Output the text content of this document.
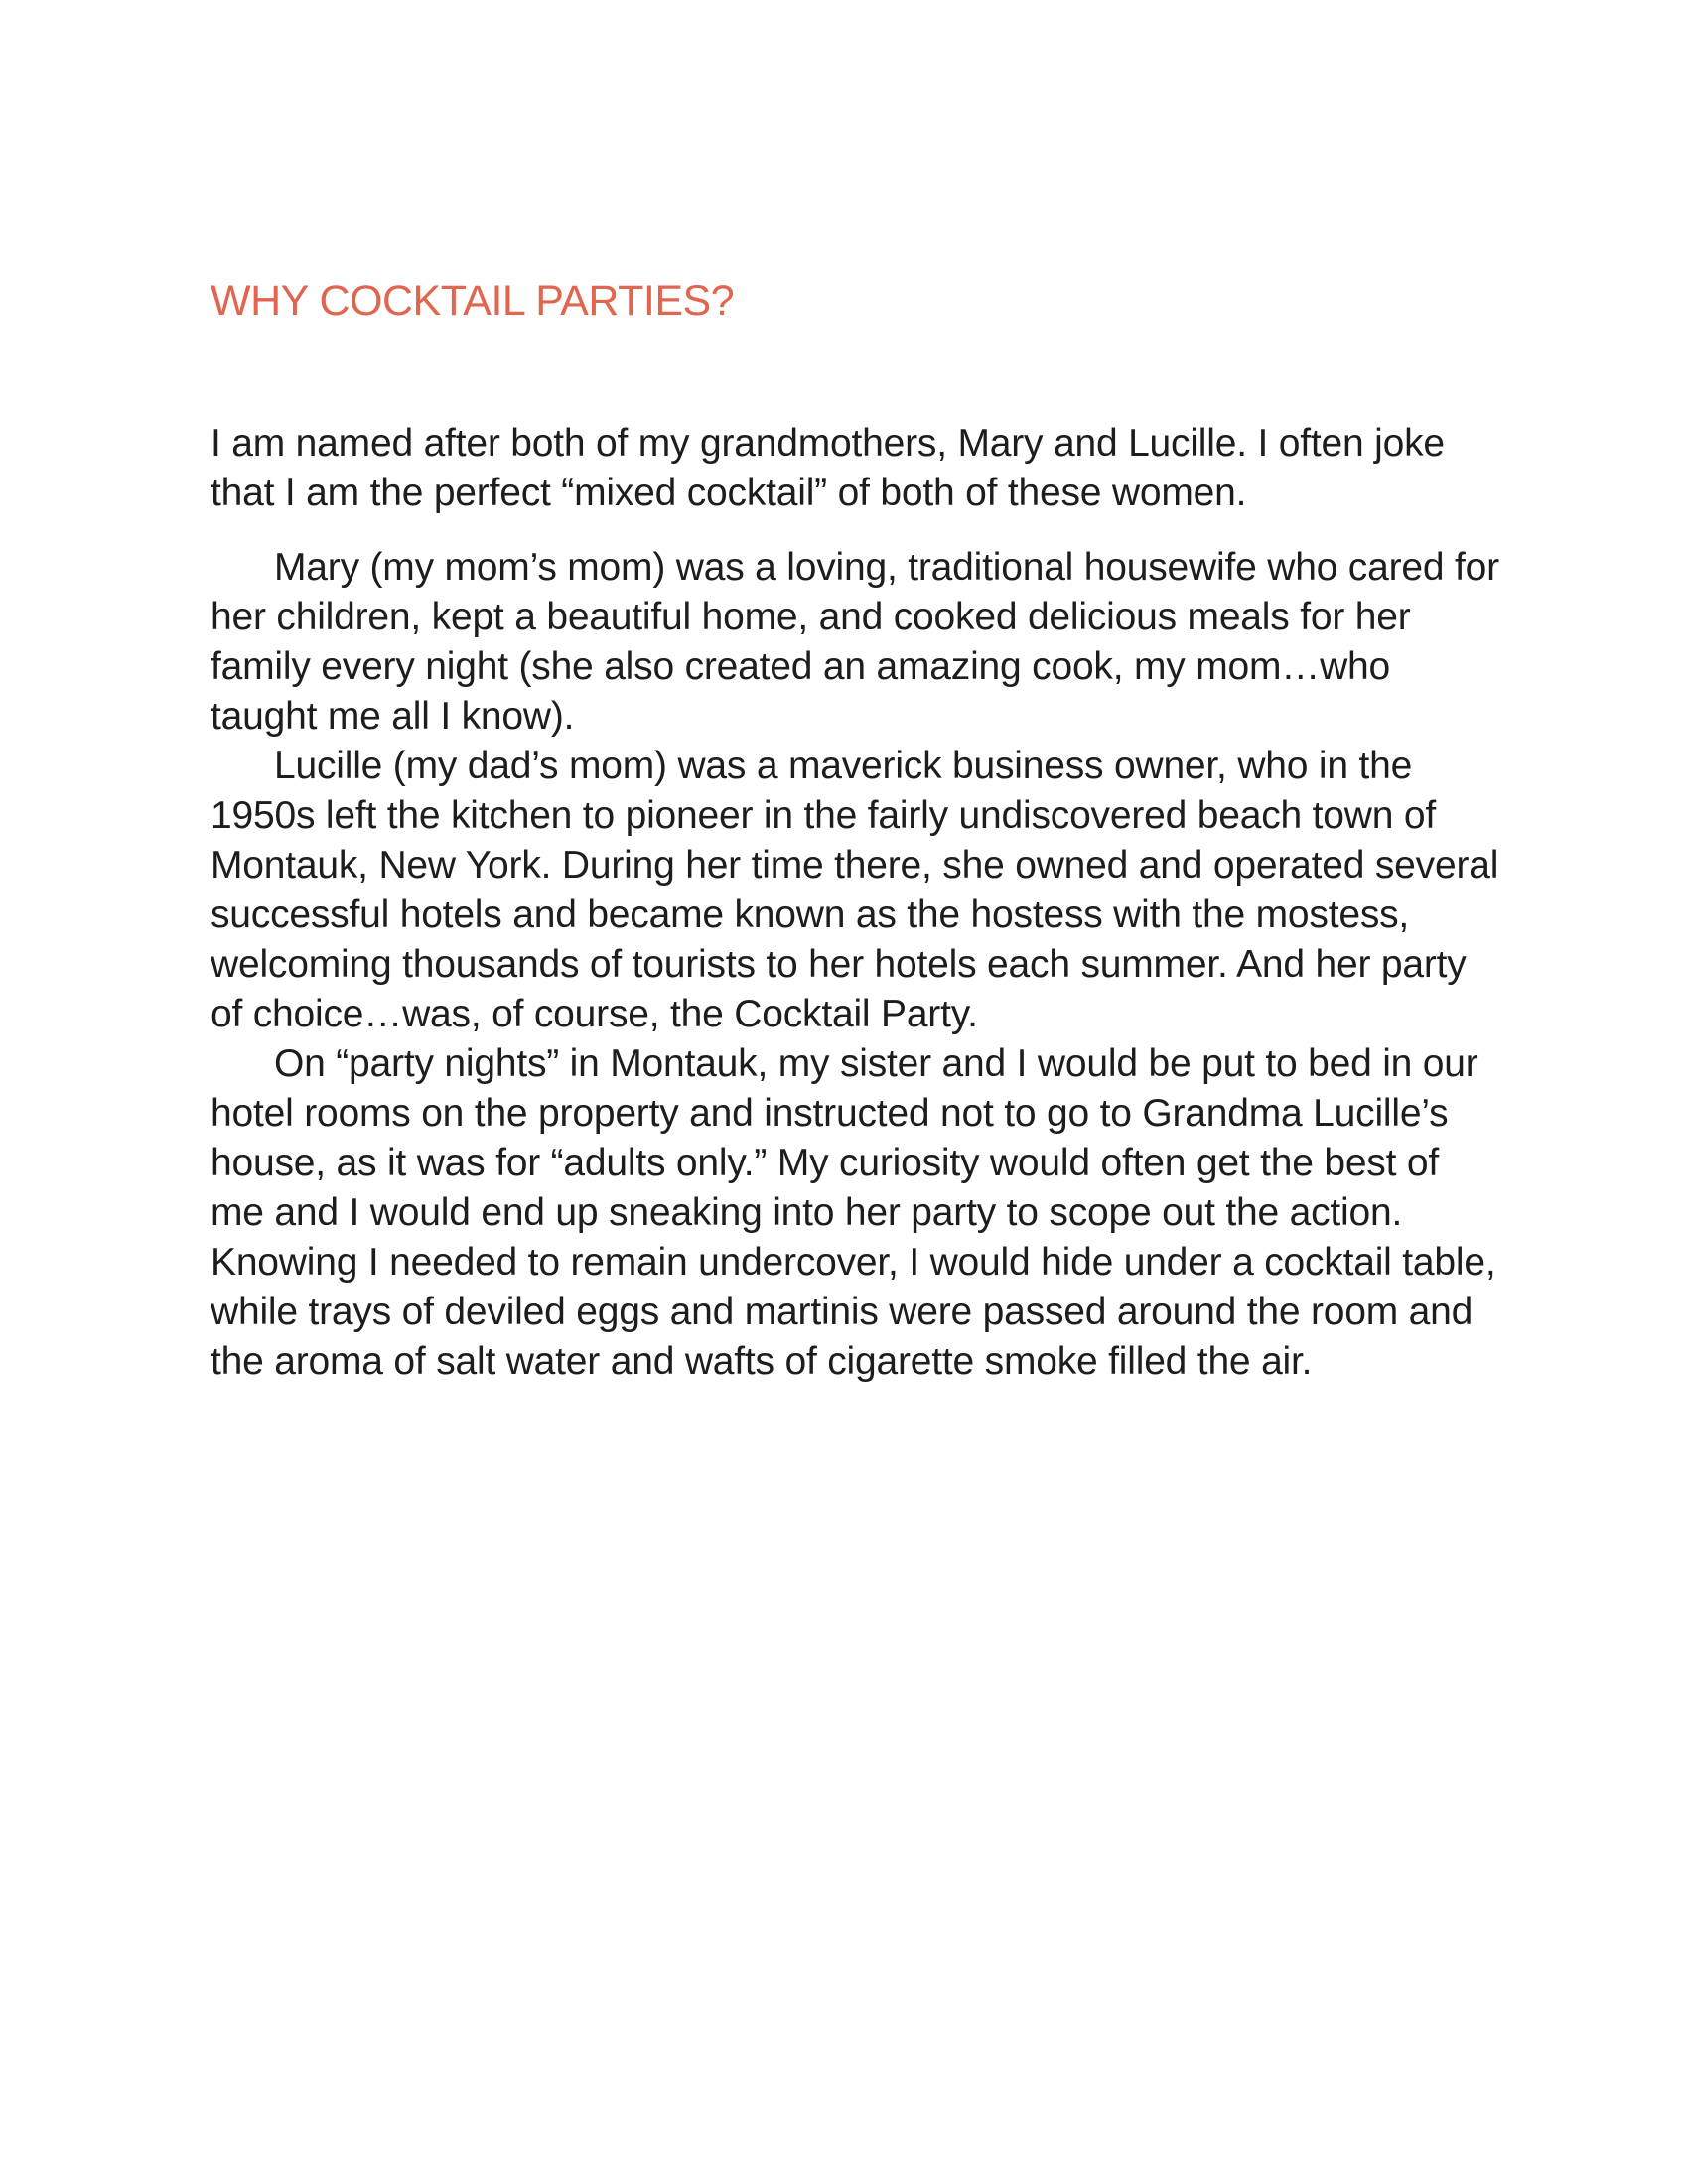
WHY COCKTAIL PARTIES?

I am named after both of my grandmothers, Mary and Lucille. I often joke that I am the perfect “mixed cocktail” of both of these women.

Mary (my mom’s mom) was a loving, traditional housewife who cared for her children, kept a beautiful home, and cooked delicious meals for her family every night (she also created an amazing cook, my mom…who taught me all I know).

Lucille (my dad’s mom) was a maverick business owner, who in the 1950s left the kitchen to pioneer in the fairly undiscovered beach town of Montauk, New York. During her time there, she owned and operated several successful hotels and became known as the hostess with the mostess, welcoming thousands of tourists to her hotels each summer. And her party of choice…was, of course, the Cocktail Party.

On “party nights” in Montauk, my sister and I would be put to bed in our hotel rooms on the property and instructed not to go to Grandma Lucille’s house, as it was for “adults only.” My curiosity would often get the best of me and I would end up sneaking into her party to scope out the action. Knowing I needed to remain undercover, I would hide under a cocktail table, while trays of deviled eggs and martinis were passed around the room and the aroma of salt water and wafts of cigarette smoke filled the air.
